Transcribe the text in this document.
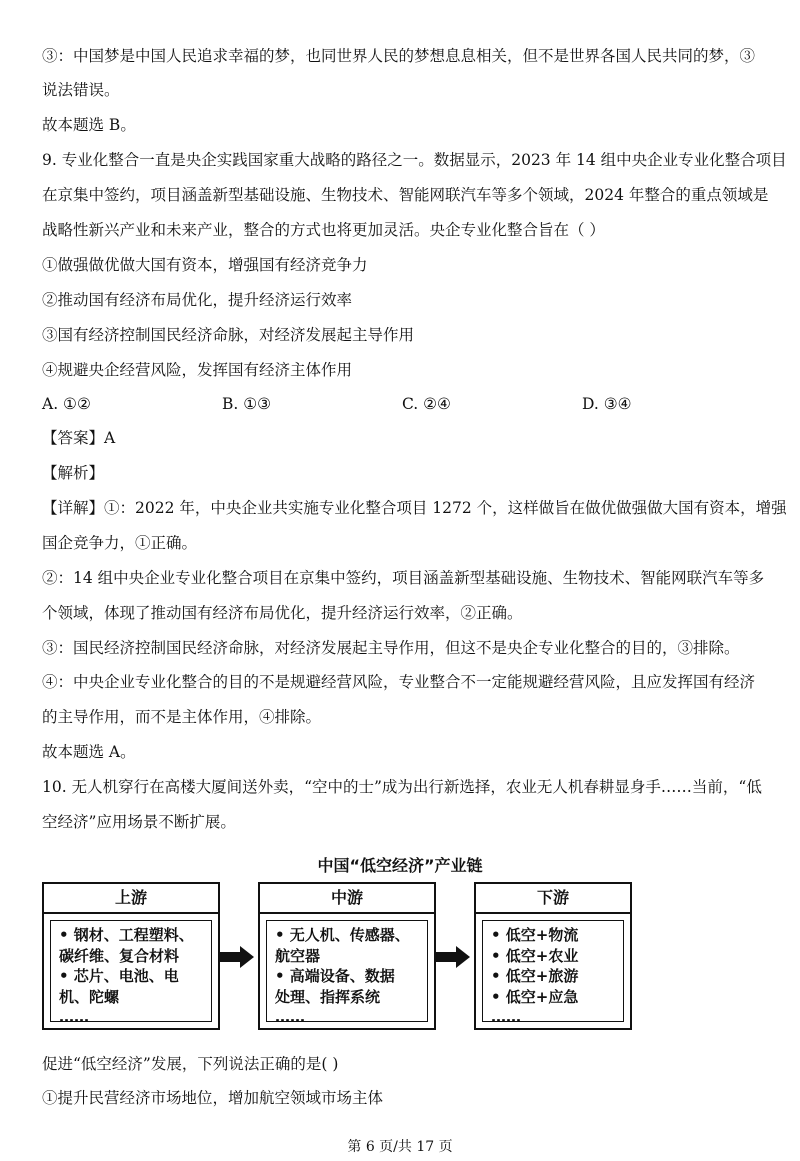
③：中国梦是中国人民追求幸福的梦，也同世界人民的梦想息息相关，但不是世界各国人民共同的梦，③
说法错误。
故本题选 B。
9. 专业化整合一直是央企实践国家重大战略的路径之一。数据显示，2023 年 14 组中央企业专业化整合项目
在京集中签约，项目涵盖新型基础设施、生物技术、智能网联汽车等多个领域，2024 年整合的重点领域是
战略性新兴产业和未来产业，整合的方式也将更加灵活。央企专业化整合旨在（ ）
①做强做优做大国有资本，增强国有经济竞争力
②推动国有经济布局优化，提升经济运行效率
③国有经济控制国民经济命脉，对经济发展起主导作用
④规避央企经营风险，发挥国有经济主体作用
A. ①②	B. ①③	C. ②④	D. ③④
【答案】A
【解析】
【详解】①：2022 年，中央企业共实施专业化整合项目 1272 个，这样做旨在做优做强做大国有资本，增强
国企竞争力，①正确。
②：14 组中央企业专业化整合项目在京集中签约，项目涵盖新型基础设施、生物技术、智能网联汽车等多
个领域，体现了推动国有经济布局优化，提升经济运行效率，②正确。
③：国民经济控制国民经济命脉，对经济发展起主导作用，但这不是央企专业化整合的目的，③排除。
④：中央企业专业化整合的目的不是规避经营风险，专业整合不一定能规避经营风险，且应发挥国有经济
的主导作用，而不是主体作用，④排除。
故本题选 A。
10. 无人机穿行在高楼大厦间送外卖，“空中的士”成为出行新选择，农业无人机春耕显身手……当前，“低
空经济”应用场景不断扩展。
中国“低空经济”产业链
上游
• 钢材、工程塑料、
碳纤维、复合材料
• 芯片、电池、电
机、陀螺
……
中游
• 无人机、传感器、
航空器
• 高端设备、数据
处理、指挥系统
……
下游
• 低空+物流
• 低空+农业
• 低空+旅游
• 低空+应急
……
促进“低空经济”发展，下列说法正确的是( )
①提升民营经济市场地位，增加航空领域市场主体
第 6 页/共 17 页
